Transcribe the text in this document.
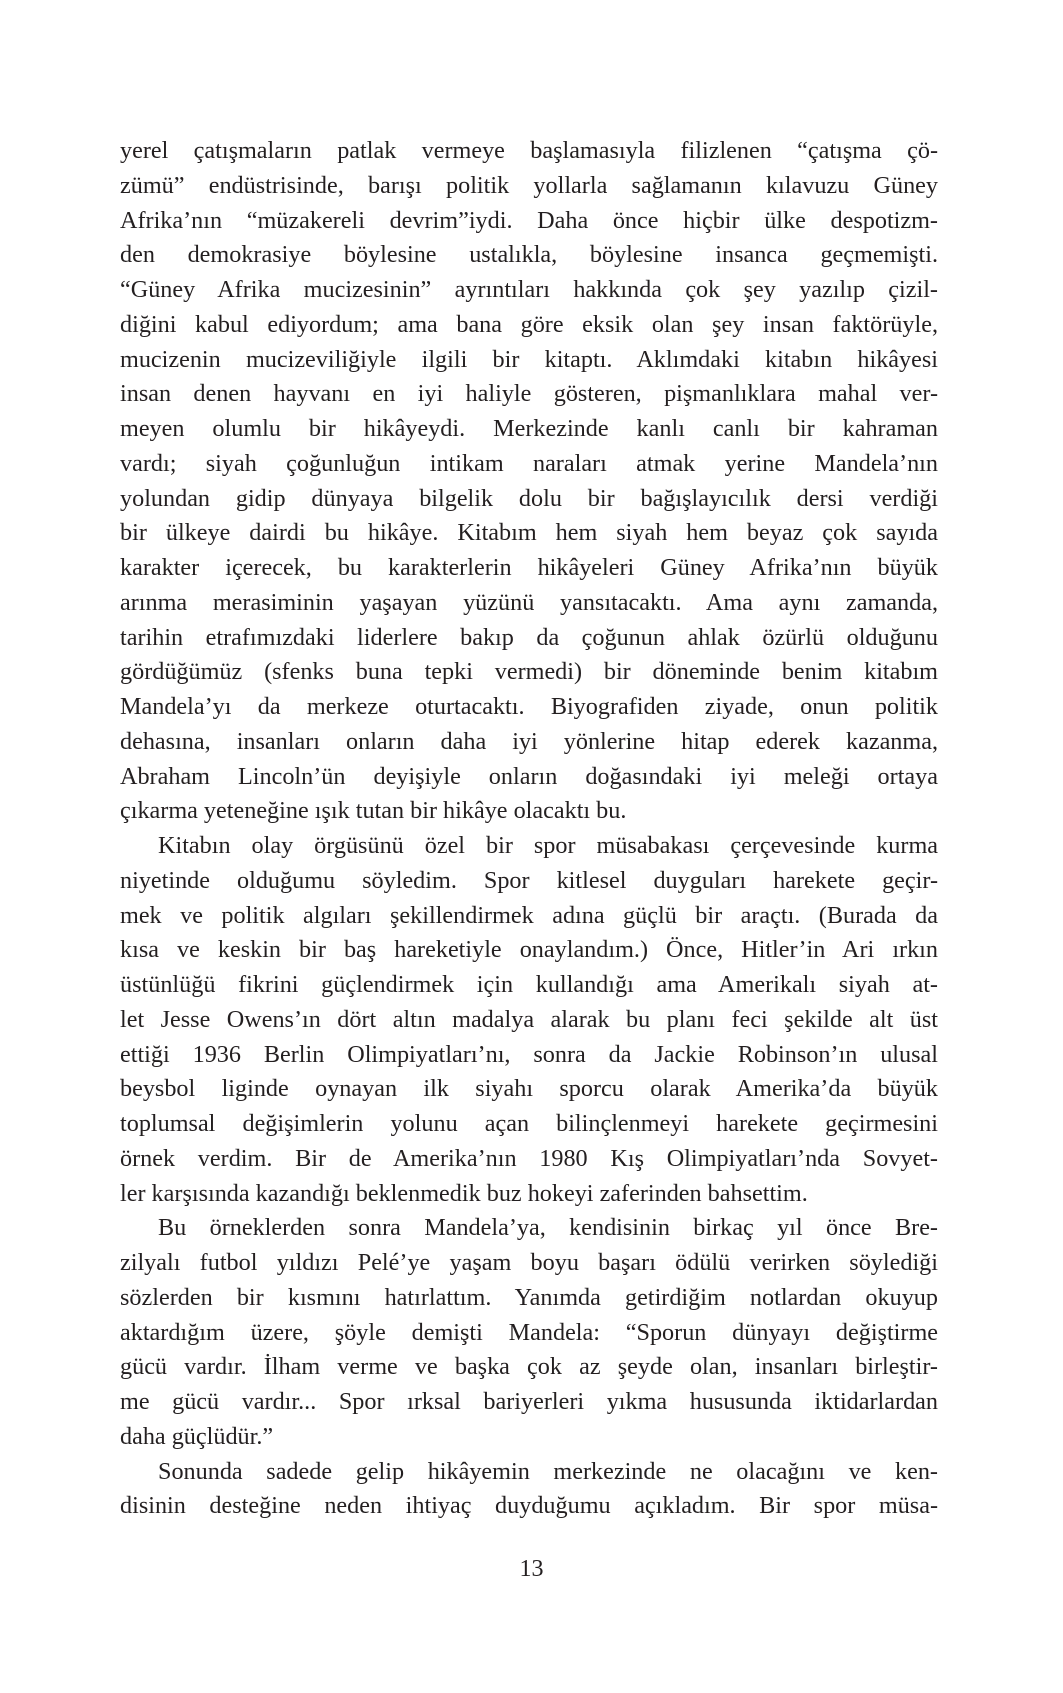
yerel çatışmaların patlak vermeye başlamasıyla filizlenen “çatışma çö-
zümü” endüstrisinde, barışı politik yollarla sağlamanın kılavuzu Güney
Afrika’nın “müzakereli devrim”iydi. Daha önce hiçbir ülke despotizm-
den demokrasiye böylesine ustalıkla, böylesine insanca geçmemişti.
“Güney Afrika mucizesinin” ayrıntıları hakkında çok şey yazılıp çizil-
diğini kabul ediyordum; ama bana göre eksik olan şey insan faktörüyle,
mucizenin mucizeviliğiyle ilgili bir kitaptı. Aklımdaki kitabın hikâyesi
insan denen hayvanı en iyi haliyle gösteren, pişmanlıklara mahal ver-
meyen olumlu bir hikâyeydi. Merkezinde kanlı canlı bir kahraman
vardı; siyah çoğunluğun intikam naraları atmak yerine Mandela’nın
yolundan gidip dünyaya bilgelik dolu bir bağışlayıcılık dersi verdiği
bir ülkeye dairdi bu hikâye. Kitabım hem siyah hem beyaz çok sayıda
karakter içerecek, bu karakterlerin hikâyeleri Güney Afrika’nın büyük
arınma merasiminin yaşayan yüzünü yansıtacaktı. Ama aynı zamanda,
tarihin etrafımızdaki liderlere bakıp da çoğunun ahlak özürlü olduğunu
gördüğümüz (sfenks buna tepki vermedi) bir döneminde benim kitabım
Mandela’yı da merkeze oturtacaktı. Biyografiden ziyade, onun politik
dehasına, insanları onların daha iyi yönlerine hitap ederek kazanma,
Abraham Lincoln’ün deyişiyle onların doğasındaki iyi meleği ortaya
çıkarma yeteneğine ışık tutan bir hikâye olacaktı bu.
Kitabın olay örgüsünü özel bir spor müsabakası çerçevesinde kurma
niyetinde olduğumu söyledim. Spor kitlesel duyguları harekete geçir-
mek ve politik algıları şekillendirmek adına güçlü bir araçtı. (Burada da
kısa ve keskin bir baş hareketiyle onaylandım.) Önce, Hitler’in Ari ırkın
üstünlüğü fikrini güçlendirmek için kullandığı ama Amerikalı siyah at-
let Jesse Owens’ın dört altın madalya alarak bu planı feci şekilde alt üst
ettiği 1936 Berlin Olimpiyatları’nı, sonra da Jackie Robinson’ın ulusal
beysbol liginde oynayan ilk siyahı sporcu olarak Amerika’da büyük
toplumsal değişimlerin yolunu açan bilinçlenmeyi harekete geçirmesini
örnek verdim. Bir de Amerika’nın 1980 Kış Olimpiyatları’nda Sovyet-
ler karşısında kazandığı beklenmedik buz hokeyi zaferinden bahsettim.
Bu örneklerden sonra Mandela’ya, kendisinin birkaç yıl önce Bre-
zilyalı futbol yıldızı Pelé’ye yaşam boyu başarı ödülü verirken söylediği
sözlerden bir kısmını hatırlattım. Yanımda getirdiğim notlardan okuyup
aktardığım üzere, şöyle demişti Mandela: “Sporun dünyayı değiştirme
gücü vardır. İlham verme ve başka çok az şeyde olan, insanları birleştir-
me gücü vardır... Spor ırksal bariyerleri yıkma hususunda iktidarlardan
daha güçlüdür.”
Sonunda sadede gelip hikâyemin merkezinde ne olacağını ve ken-
disinin desteğine neden ihtiyaç duyduğumu açıkladım. Bir spor müsa-
13
